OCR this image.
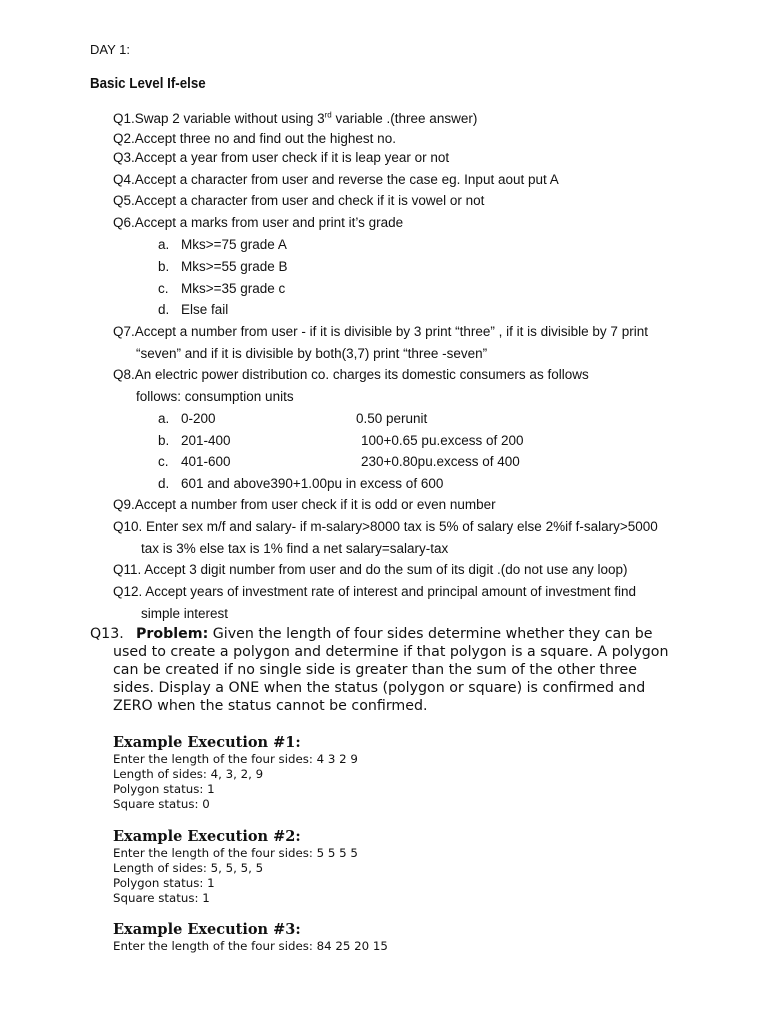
DAY 1:
Basic Level If-else
Q1.Swap 2 variable without using 3rd variable .(three answer)
Q2.Accept three no and find out the highest no.
Q3.Accept a year from user check if it is leap year or not
Q4.Accept a character from user and reverse the case eg. Input aout put A
Q5.Accept a character from user and check if it is vowel or not
Q6.Accept a marks from user and print it’s grade
a. Mks>=75 grade A
b. Mks>=55 grade B
c. Mks>=35 grade c
d. Else fail
Q7.Accept a number from user - if it is divisible by 3 print “three” , if it is divisible by 7 print
“seven” and if it is divisible by both(3,7) print “three -seven”
Q8.An electric power distribution co. charges its domestic consumers as follows
follows: consumption units
a. 0-200	0.50 perunit
b. 201-400	100+0.65 pu.excess of 200
c. 401-600	230+0.80pu.excess of 400
d. 601 and above390+1.00pu in excess of 600
Q9.Accept a number from user check if it is odd or even number
Q10. Enter sex m/f and salary- if m-salary>8000 tax is 5% of salary else 2%if f-salary>5000
tax is 3% else tax is 1% find a net salary=salary-tax
Q11. Accept 3 digit number from user and do the sum of its digit .(do not use any loop)
Q12. Accept years of investment rate of interest and principal amount of investment find
simple interest
Q13. Problem: Given the length of four sides determine whether they can be used to create a polygon and determine if that polygon is a square. A polygon can be created if no single side is greater than the sum of the other three sides. Display a ONE when the status (polygon or square) is confirmed and ZERO when the status cannot be confirmed.
Example Execution #1:
Enter the length of the four sides: 4 3 2 9
Length of sides: 4, 3, 2, 9
Polygon status: 1
Square status: 0
Example Execution #2:
Enter the length of the four sides: 5 5 5 5
Length of sides: 5, 5, 5, 5
Polygon status: 1
Square status: 1
Example Execution #3:
Enter the length of the four sides: 84 25 20 15
